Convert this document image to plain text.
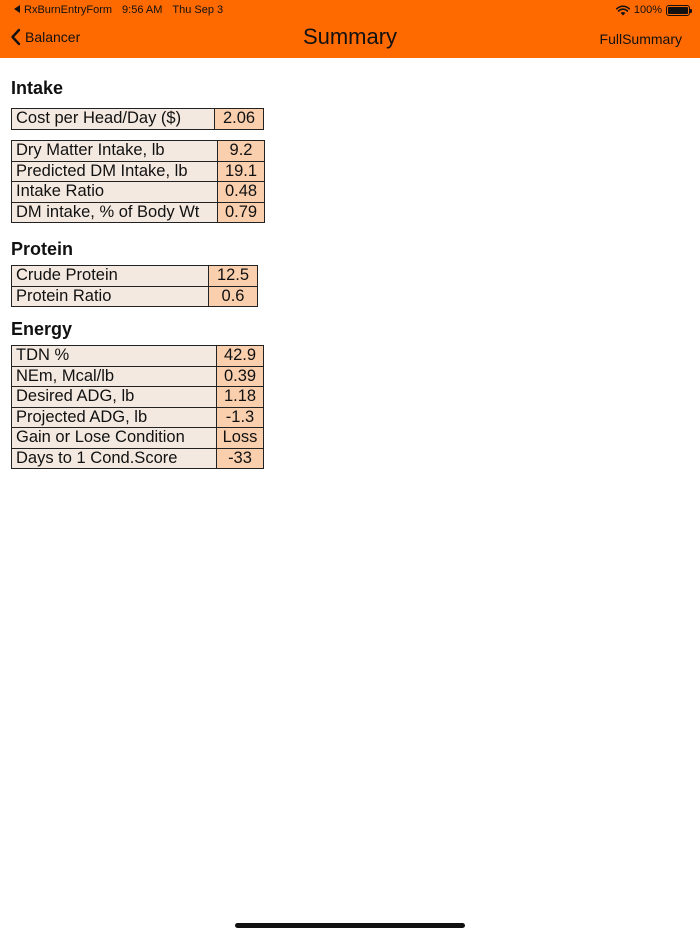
RxBurnEntryForm 9:56 AM Thu Sep 3	100%
Balancer	Summary	FullSummary
Intake
Cost per Head/Day ($)	2.06
Dry Matter Intake, lb	9.2
Predicted DM Intake, lb	19.1
Intake Ratio	0.48
DM intake, % of Body Wt	0.79
Protein
Crude Protein	12.5
Protein Ratio	0.6
Energy
TDN %	42.9
NEm, Mcal/lb	0.39
Desired ADG, lb	1.18
Projected ADG, lb	-1.3
Gain or Lose Condition	Loss
Days to 1 Cond.Score	-33
